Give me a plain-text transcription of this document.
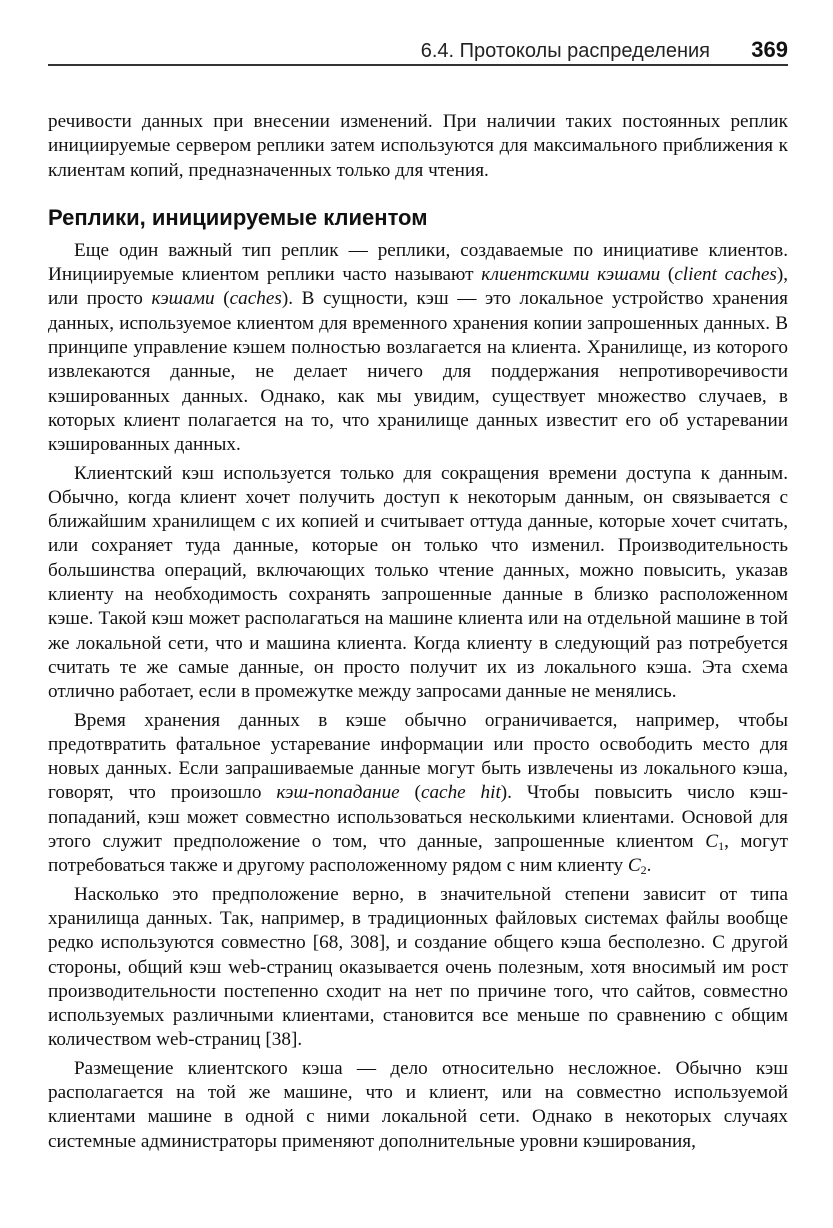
6.4. Протоколы распределения 369

речивости данных при внесении изменений. При наличии таких постоянных реплик инициируемые сервером реплики затем используются для максимального приближения к клиентам копий, предназначенных только для чтения.

Реплики, инициируемые клиентом

Еще один важный тип реплик — реплики, создаваемые по инициативе клиентов. Инициируемые клиентом реплики часто называют клиентскими кэшами (client caches), или просто кэшами (caches). В сущности, кэш — это локальное устройство хранения данных, используемое клиентом для временного хранения копии запрошенных данных. В принципе управление кэшем полностью возлагается на клиента. Хранилище, из которого извлекаются данные, не делает ничего для поддержания непротиворечивости кэшированных данных. Однако, как мы увидим, существует множество случаев, в которых клиент полагается на то, что хранилище данных известит его об устаревании кэшированных данных.

Клиентский кэш используется только для сокращения времени доступа к данным. Обычно, когда клиент хочет получить доступ к некоторым данным, он связывается с ближайшим хранилищем с их копией и считывает оттуда данные, которые хочет считать, или сохраняет туда данные, которые он только что изменил. Производительность большинства операций, включающих только чтение данных, можно повысить, указав клиенту на необходимость сохранять запрошенные данные в близко расположенном кэше. Такой кэш может располагаться на машине клиента или на отдельной машине в той же локальной сети, что и машина клиента. Когда клиенту в следующий раз потребуется считать те же самые данные, он просто получит их из локального кэша. Эта схема отлично работает, если в промежутке между запросами данные не менялись.

Время хранения данных в кэше обычно ограничивается, например, чтобы предотвратить фатальное устаревание информации или просто освободить место для новых данных. Если запрашиваемые данные могут быть извлечены из локального кэша, говорят, что произошло кэш-попадание (cache hit). Чтобы повысить число кэш-попаданий, кэш может совместно использоваться несколькими клиентами. Основой для этого служит предположение о том, что данные, запрошенные клиентом $C_1$, могут потребоваться также и другому расположенному рядом с ним клиенту $C_2$.

Насколько это предположение верно, в значительной степени зависит от типа хранилища данных. Так, например, в традиционных файловых системах файлы вообще редко используются совместно [68, 308], и создание общего кэша бесполезно. С другой стороны, общий кэш web-страниц оказывается очень полезным, хотя вносимый им рост производительности постепенно сходит на нет по причине того, что сайтов, совместно используемых различными клиентами, становится все меньше по сравнению с общим количеством web-страниц [38].

Размещение клиентского кэша — дело относительно несложное. Обычно кэш располагается на той же машине, что и клиент, или на совместно используемой клиентами машине в одной с ними локальной сети. Однако в некоторых случаях системные администраторы применяют дополнительные уровни кэширования,
